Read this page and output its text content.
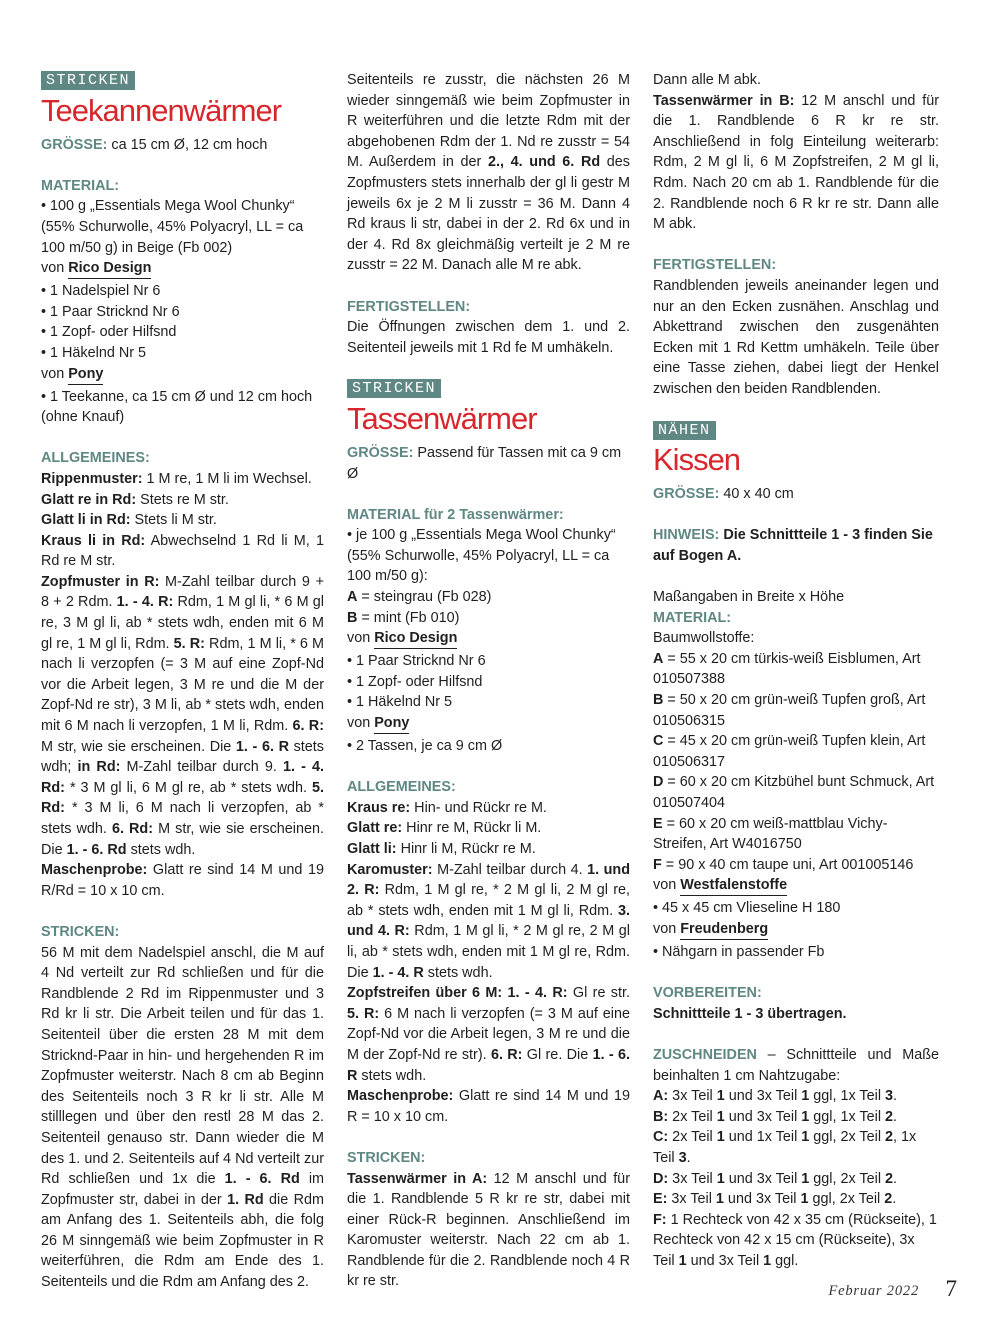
STRICKEN
Teekannenwärmer

GRÖSSE: ca 15 cm Ø, 12 cm hoch

MATERIAL:

• 100 g „Essentials Mega Wool Chunky“ (55% Schurwolle, 45% Polyacryl, LL = ca 100 m/50 g) in Beige (Fb 002)

von Rico Design

• 1 Nadelspiel Nr 6

• 1 Paar Stricknd Nr 6

• 1 Zopf- oder Hilfsnd

• 1 Häkelnd Nr 5

von Pony

• 1 Teekanne, ca 15 cm Ø und 12 cm hoch (ohne Knauf)

ALLGEMEINES:

Rippenmuster: 1 M re, 1 M li im Wechsel.

Glatt re in Rd: Stets re M str.

Glatt li in Rd: Stets li M str.

Kraus li in Rd: Abwechselnd 1 Rd li M, 1 Rd re M str.

Zopfmuster in R: M-Zahl teilbar durch 9 + 8 + 2 Rdm. 1. - 4. R: Rdm, 1 M gl li, * 6 M gl re, 3 M gl li, ab * stets wdh, enden mit 6 M gl re, 1 M gl li, Rdm. 5. R: Rdm, 1 M li, * 6 M nach li verzopfen (= 3 M auf eine Zopf-Nd vor die Arbeit legen, 3 M re und die M der Zopf-Nd re str), 3 M li, ab * stets wdh, enden mit 6 M nach li verzopfen, 1 M li, Rdm. 6. R: M str, wie sie erscheinen. Die 1. - 6. R stets wdh; in Rd: M-Zahl teilbar durch 9. 1. - 4. Rd: * 3 M gl li, 6 M gl re, ab * stets wdh. 5. Rd: * 3 M li, 6 M nach li verzopfen, ab * stets wdh. 6. Rd: M str, wie sie erscheinen. Die 1. - 6. Rd stets wdh.

Maschenprobe: Glatt re sind 14 M und 19 R/Rd = 10 x 10 cm.

STRICKEN:

56 M mit dem Nadelspiel anschl, die M auf 4 Nd verteilt zur Rd schließen und für die Randblende 2 Rd im Rippenmuster und 3 Rd kr li str. Die Arbeit teilen und für das 1. Seitenteil über die ersten 28 M mit dem Stricknd-Paar in hin- und hergehenden R im Zopfmuster weiterstr. Nach 8 cm ab Beginn des Seitenteils noch 3 R kr li str. Alle M stilllegen und über den restl 28 M das 2. Seitenteil genauso str. Dann wieder die M des 1. und 2. Seitenteils auf 4 Nd verteilt zur Rd schließen und 1x die 1. - 6. Rd im Zopfmuster str, dabei in der 1. Rd die Rdm am Anfang des 1. Seitenteils abh, die folg 26 M sinngemäß wie beim Zopfmuster in R weiterführen, die Rdm am Ende des 1. Seitenteils und die Rdm am Anfang des 2.

Seitenteils re zusstr, die nächsten 26 M wieder sinngemäß wie beim Zopfmuster in R weiterführen und die letzte Rdm mit der abgehobenen Rdm der 1. Nd re zusstr = 54 M. Außerdem in der 2., 4. und 6. Rd des Zopfmusters stets innerhalb der gl li gestr M jeweils 6x je 2 M li zusstr = 36 M. Dann 4 Rd kraus li str, dabei in der 2. Rd 6x und in der 4. Rd 8x gleichmäßig verteilt je 2 M re zusstr = 22 M. Danach alle M re abk.

FERTIGSTELLEN:

Die Öffnungen zwischen dem 1. und 2. Seitenteil jeweils mit 1 Rd fe M umhäkeln.

STRICKEN
Tassenwärmer

GRÖSSE: Passend für Tassen mit ca 9 cm Ø

MATERIAL für 2 Tassenwärmer:

• je 100 g „Essentials Mega Wool Chunky“ (55% Schurwolle, 45% Polyacryl, LL = ca 100 m/50 g):

A = steingrau (Fb 028)

B = mint (Fb 010)

von Rico Design

• 1 Paar Stricknd Nr 6

• 1 Zopf- oder Hilfsnd

• 1 Häkelnd Nr 5

von Pony

• 2 Tassen, je ca 9 cm Ø

ALLGEMEINES:

Kraus re: Hin- und Rückr re M.

Glatt re: Hinr re M, Rückr li M.

Glatt li: Hinr li M, Rückr re M.

Karomuster: M-Zahl teilbar durch 4. 1. und 2. R: Rdm, 1 M gl re, * 2 M gl li, 2 M gl re, ab * stets wdh, enden mit 1 M gl li, Rdm. 3. und 4. R: Rdm, 1 M gl li, * 2 M gl re, 2 M gl li, ab * stets wdh, enden mit 1 M gl re, Rdm. Die 1. - 4. R stets wdh.

Zopfstreifen über 6 M: 1. - 4. R: Gl re str. 5. R: 6 M nach li verzopfen (= 3 M auf eine Zopf-Nd vor die Arbeit legen, 3 M re und die M der Zopf-Nd re str). 6. R: Gl re. Die 1. - 6. R stets wdh.

Maschenprobe: Glatt re sind 14 M und 19 R = 10 x 10 cm.

STRICKEN:

Tassenwärmer in A: 12 M anschl und für die 1. Randblende 5 R kr re str, dabei mit einer Rück-R beginnen. Anschließend im Karomuster weiterstr. Nach 22 cm ab 1. Randblende für die 2. Randblende noch 4 R kr re str.

Dann alle M abk.

Tassenwärmer in B: 12 M anschl und für die 1. Randblende 6 R kr re str. Anschließend in folg Einteilung weiterarb: Rdm, 2 M gl li, 6 M Zopfstreifen, 2 M gl li, Rdm. Nach 20 cm ab 1. Randblende für die 2. Randblende noch 6 R kr re str. Dann alle M abk.

FERTIGSTELLEN:

Randblenden jeweils aneinander legen und nur an den Ecken zusnähen. Anschlag und Abkettrand zwischen den zusgenähten Ecken mit 1 Rd Kettm umhäkeln. Teile über eine Tasse ziehen, dabei liegt der Henkel zwischen den beiden Randblenden.

NÄHEN
Kissen

GRÖSSE: 40 x 40 cm

HINWEIS: Die Schnittteile 1 - 3 finden Sie auf Bogen A.

Maßangaben in Breite x Höhe

MATERIAL:

Baumwollstoffe:

A = 55 x 20 cm türkis-weiß Eisblumen, Art 010507388

B = 50 x 20 cm grün-weiß Tupfen groß, Art 010506315

C = 45 x 20 cm grün-weiß Tupfen klein, Art 010506317

D = 60 x 20 cm Kitzbühel bunt Schmuck, Art 010507404

E = 60 x 20 cm weiß-mattblau Vichy-Streifen, Art W4016750

F = 90 x 40 cm taupe uni, Art 001005146

von Westfalenstoffe

• 45 x 45 cm Vlieseline H 180

von Freudenberg

• Nähgarn in passender Fb

VORBEREITEN:

Schnittteile 1 - 3 übertragen.

ZUSCHNEIDEN – Schnittteile und Maße beinhalten 1 cm Nahtzugabe:

A: 3x Teil 1 und 3x Teil 1 ggl, 1x Teil 3.

B: 2x Teil 1 und 3x Teil 1 ggl, 1x Teil 2.

C: 2x Teil 1 und 1x Teil 1 ggl, 2x Teil 2, 1x Teil 3.

D: 3x Teil 1 und 3x Teil 1 ggl, 2x Teil 2.

E: 3x Teil 1 und 3x Teil 1 ggl, 2x Teil 2.

F: 1 Rechteck von 42 x 35 cm (Rückseite), 1 Rechteck von 42 x 15 cm (Rückseite), 3x Teil 1 und 3x Teil 1 ggl.

Februar 2022 7
